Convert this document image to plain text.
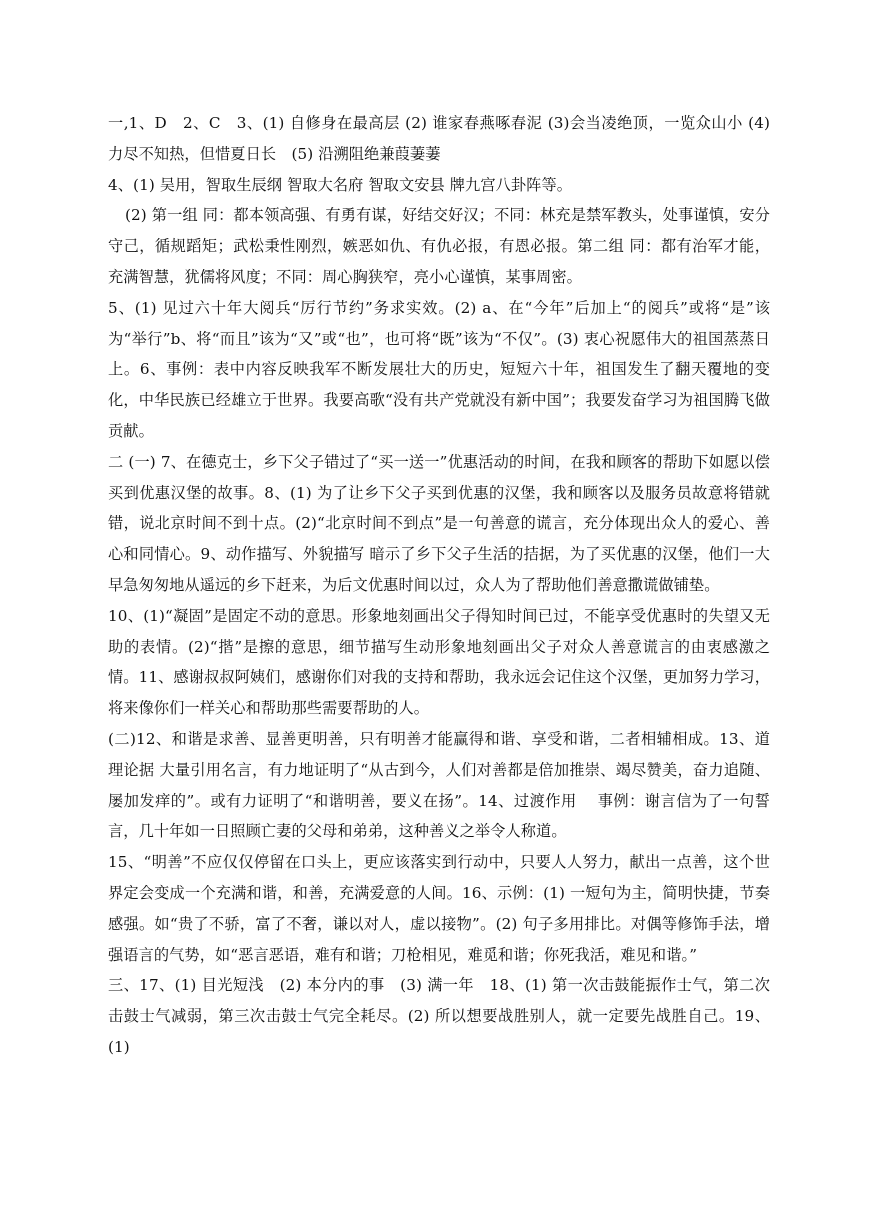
一,1、D　2、C　3、(1) 自修身在最高层 (2) 谁家春燕啄春泥 (3)会当凌绝顶，一览众山小 (4) 力尽不知热，但惜夏日长　(5) 沿溯阻绝兼葭萋萋

4、(1) 吴用，智取生辰纲 智取大名府 智取文安县 牌九宫八卦阵等。

(2) 第一组 同：都本领高强、有勇有谋，好结交好汉；不同：林充是禁军教头，处事谨慎，安分守己，循规蹈矩；武松秉性刚烈，嫉恶如仇、有仇必报，有恩必报。第二组 同：都有治军才能，充满智慧，犹儒将风度；不同：周心胸狭窄，亮小心谨慎，某事周密。

5、(1) 见过六十年大阅兵“厉行节约”务求实效。(2) a、在“今年”后加上“的阅兵”或将“是”该为“举行”b、将“而且”该为“又”或“也”，也可将“既”该为“不仅”。(3) 衷心祝愿伟大的祖国蒸蒸日上。6、事例：表中内容反映我军不断发展壮大的历史，短短六十年，祖国发生了翻天覆地的变化，中华民族已经雄立于世界。我要高歌“没有共产党就没有新中国”；我要发奋学习为祖国腾飞做贡献。

二 (一) 7、在德克士，乡下父子错过了“买一送一”优惠活动的时间，在我和顾客的帮助下如愿以偿买到优惠汉堡的故事。8、(1) 为了让乡下父子买到优惠的汉堡，我和顾客以及服务员故意将错就错，说北京时间不到十点。(2)“北京时间不到点”是一句善意的谎言，充分体现出众人的爱心、善心和同情心。9、动作描写、外貌描写 暗示了乡下父子生活的拮据，为了买优惠的汉堡，他们一大早急匆匆地从遥远的乡下赶来，为后文优惠时间以过，众人为了帮助他们善意撒谎做铺垫。

10、(1)“凝固”是固定不动的意思。形象地刻画出父子得知时间已过，不能享受优惠时的失望又无助的表情。(2)“揩”是擦的意思，细节描写生动形象地刻画出父子对众人善意谎言的由衷感激之情。11、感谢叔叔阿姨们，感谢你们对我的支持和帮助，我永远会记住这个汉堡，更加努力学习，将来像你们一样关心和帮助那些需要帮助的人。

(二)12、和谐是求善、显善更明善，只有明善才能赢得和谐、享受和谐，二者相辅相成。13、道理论据 大量引用名言，有力地证明了“从古到今，人们对善都是倍加推崇、竭尽赞美，奋力追随、屡加发痒的”。或有力证明了“和谐明善，要义在扬”。14、过渡作用　 事例：谢言信为了一句誓言，几十年如一日照顾亡妻的父母和弟弟，这种善义之举令人称道。

15、“明善”不应仅仅停留在口头上，更应该落实到行动中，只要人人努力，献出一点善，这个世界定会变成一个充满和谐，和善，充满爱意的人间。16、示例：(1) 一短句为主，简明快捷，节奏感强。如“贵了不骄，富了不奢，谦以对人，虚以接物”。(2) 句子多用排比。对偶等修饰手法，增强语言的气势，如“恶言恶语，难有和谐；刀枪相见，难觅和谐；你死我活，难见和谐。”

三、17、(1) 目光短浅　(2) 本分内的事　(3) 满一年　18、(1) 第一次击鼓能振作士气，第二次击鼓士气减弱，第三次击鼓士气完全耗尽。(2) 所以想要战胜别人，就一定要先战胜自己。19、(1)
